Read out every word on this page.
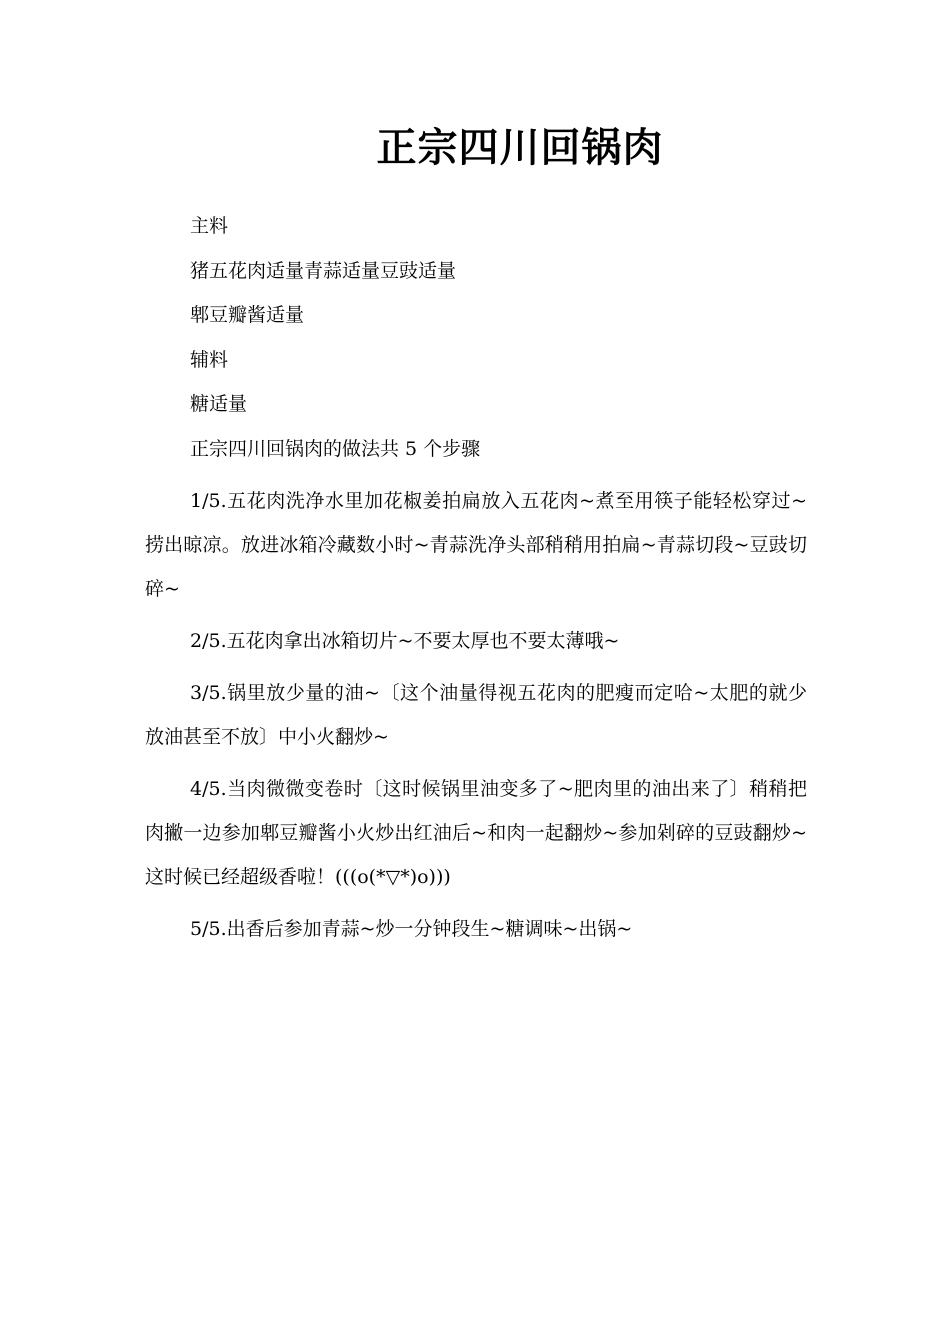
正宗四川回锅肉

主料

猪五花肉适量青蒜适量豆豉适量

郫豆瓣酱适量

辅料

糖适量

正宗四川回锅肉的做法共 5 个步骤

1/5.五花肉洗净水里加花椒姜拍扁放入五花肉~煮至用筷子能轻松穿过~捞出晾凉。放进冰箱冷藏数小时~青蒜洗净头部稍稍用拍扁~青蒜切段~豆豉切碎~

2/5.五花肉拿出冰箱切片~不要太厚也不要太薄哦~

3/5.锅里放少量的油~〔这个油量得视五花肉的肥瘦而定哈~太肥的就少放油甚至不放〕中小火翻炒~

4/5.当肉微微变卷时〔这时候锅里油变多了~肥肉里的油出来了〕稍稍把肉撇一边参加郫豆瓣酱小火炒出红油后~和肉一起翻炒~参加剁碎的豆豉翻炒~这时候已经超级香啦！(((o(*▽*)o)))

5/5.出香后参加青蒜~炒一分钟段生~糖调味~出锅~
